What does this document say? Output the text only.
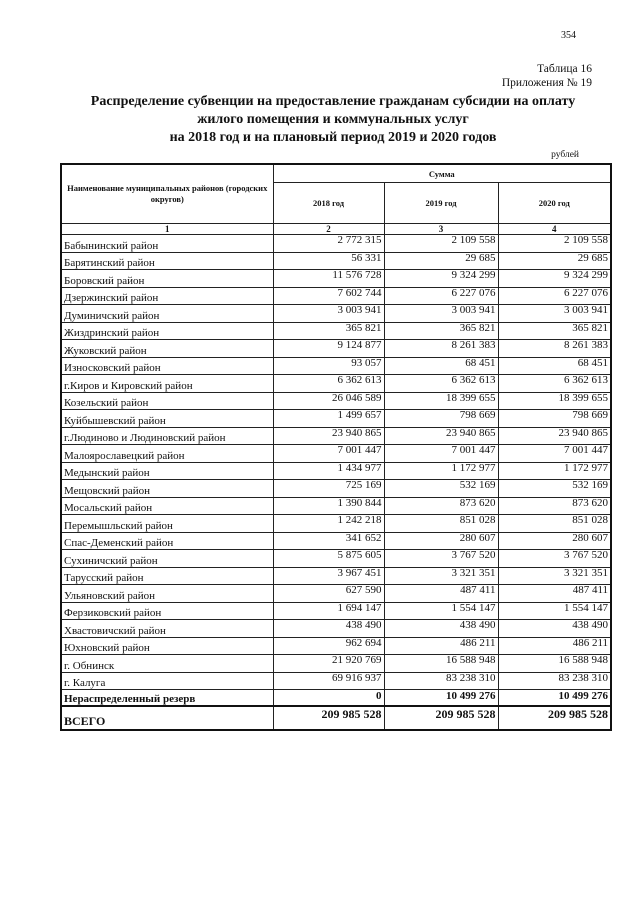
354
Таблица 16
Приложения № 19
Распределение субвенции на предоставление гражданам субсидии на оплату
жилого помещения и коммунальных услуг
на 2018 год и на плановый период 2019 и 2020 годов
рублей
Наименование муниципальных районов (городских округов)	Сумма		
	2018 год	2019 год	2020 год
1	2	3	4
Бабынинский район	2 772 315	2 109 558	2 109 558
Барятинский район	56 331	29 685	29 685
Боровский район	11 576 728	9 324 299	9 324 299
Дзержинский район	7 602 744	6 227 076	6 227 076
Думиничский район	3 003 941	3 003 941	3 003 941
Жиздринский район	365 821	365 821	365 821
Жуковский район	9 124 877	8 261 383	8 261 383
Износковский район	93 057	68 451	68 451
г.Киров и Кировский район	6 362 613	6 362 613	6 362 613
Козельский район	26 046 589	18 399 655	18 399 655
Куйбышевский район	1 499 657	798 669	798 669
г.Людиново и Людиновский район	23 940 865	23 940 865	23 940 865
Малоярославецкий район	7 001 447	7 001 447	7 001 447
Медынский район	1 434 977	1 172 977	1 172 977
Мещовский район	725 169	532 169	532 169
Мосальский район	1 390 844	873 620	873 620
Перемышльский район	1 242 218	851 028	851 028
Спас-Деменский район	341 652	280 607	280 607
Сухиничский район	5 875 605	3 767 520	3 767 520
Тарусский район	3 967 451	3 321 351	3 321 351
Ульяновский район	627 590	487 411	487 411
Ферзиковский район	1 694 147	1 554 147	1 554 147
Хвастовичский район	438 490	438 490	438 490
Юхновский район	962 694	486 211	486 211
г. Обнинск	21 920 769	16 588 948	16 588 948
г. Калуга	69 916 937	83 238 310	83 238 310
Нераспределенный резерв	0	10 499 276	10 499 276
ВСЕГО	209 985 528	209 985 528	209 985 528
